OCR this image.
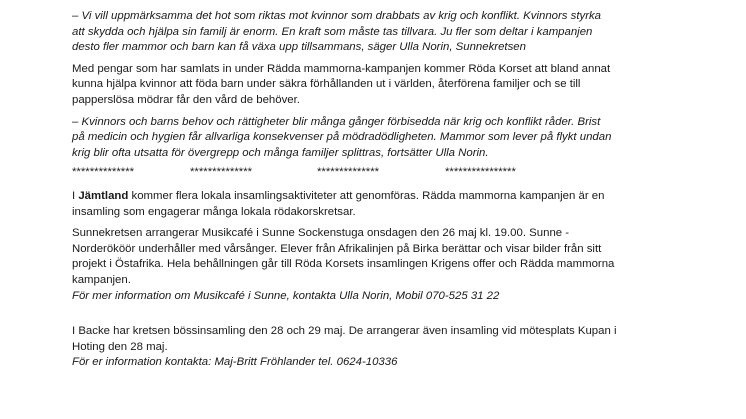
– Vi vill uppmärksamma det hot som riktas mot kvinnor som drabbats av krig och konflikt. Kvinnors styrka

att skydda och hjälpa sin familj är enorm. En kraft som måste tas tillvara. Ju fler som deltar i kampanjen

desto fler mammor och barn kan få växa upp tillsammans, säger Ulla Norin, Sunnekretsen

Med pengar som har samlats in under Rädda mammorna-kampanjen kommer Röda Korset att bland annat

kunna hjälpa kvinnor att föda barn under säkra förhållanden ut i världen, återförena familjer och se till

papperslösa mödrar får den vård de behöver.

– Kvinnors och barns behov och rättigheter blir många gånger förbisedda när krig och konflikt råder. Brist

på medicin och hygien får allvarliga konsekvenser på mödradödligheten. Mammor som lever på flykt undan

krig blir ofta utsatta för övergrepp och många familjer splittras, fortsätter Ulla Norin.

**************	**************	**************	****************

I Jämtland kommer flera lokala insamlingsaktiviteter att genomföras. Rädda mammorna kampanjen är en

insamling som engagerar många lokala rödakorskretsar.

Sunnekretsen arrangerar Musikcafé i Sunne Sockenstuga onsdagen den 26 maj kl. 19.00. Sunne -

Norderököör underhåller med vårsånger. Elever från Afrikalinjen på Birka berättar och visar bilder från sitt

projekt i Östafrika. Hela behållningen går till Röda Korsets insamlingen Krigens offer och Rädda mammorna

kampanjen.

För mer information om Musikcafé i Sunne, kontakta Ulla Norin, Mobil 070-525 31 22

I Backe har kretsen bössinsamling den 28 och 29 maj. De arrangerar även insamling vid mötesplats Kupan i

Hoting den 28 maj.

För er information kontakta: Maj-Britt Fröhlander tel. 0624-10336
